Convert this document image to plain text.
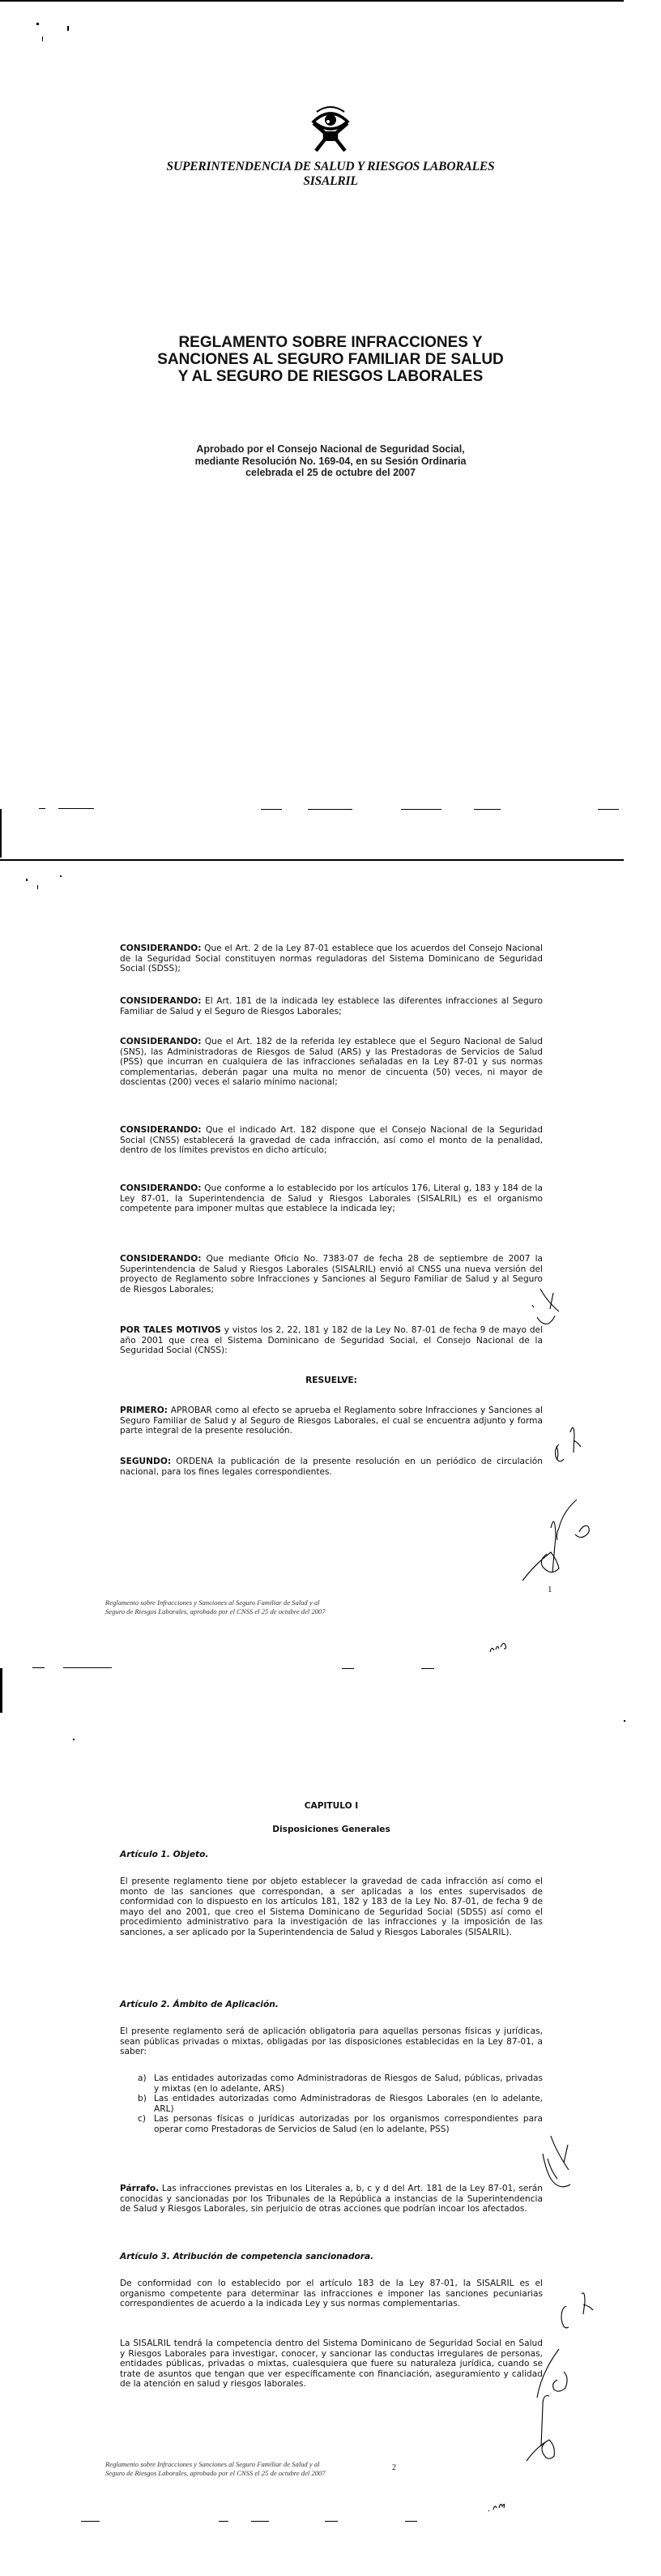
SUPERINTENDENCIA DE SALUD Y RIESGOS LABORALES
SISALRIL
REGLAMENTO SOBRE INFRACCIONES Y
SANCIONES AL SEGURO FAMILIAR DE SALUD
Y AL SEGURO DE RIESGOS LABORALES
Aprobado por el Consejo Nacional de Seguridad Social,
mediante Resolución No. 169-04, en su Sesión Ordinaria
celebrada el 25 de octubre del 2007
CONSIDERANDO: Que el Art. 2 de la Ley 87-01 establece que los acuerdos del Consejo Nacional de la Seguridad Social constituyen normas reguladoras del Sistema Dominicano de Seguridad Social (SDSS);
CONSIDERANDO: El Art. 181 de la indicada ley establece las diferentes infracciones al Seguro Familiar de Salud y el Seguro de Riesgos Laborales;
CONSIDERANDO: Que el Art. 182 de la referida ley establece que el Seguro Nacional de Salud (SNS), las Administradoras de Riesgos de Salud (ARS) y las Prestadoras de Servicios de Salud (PSS) que incurran en cualquiera de las infracciones señaladas en la Ley 87-01 y sus normas complementarias, deberán pagar una multa no menor de cincuenta (50) veces, ni mayor de doscientas (200) veces el salario mínimo nacional;
CONSIDERANDO: Que el indicado Art. 182 dispone que el Consejo Nacional de la Seguridad Social (CNSS) establecerá la gravedad de cada infracción, así como el monto de la penalidad, dentro de los límites previstos en dicho artículo;
CONSIDERANDO: Que conforme a lo establecido por los artículos 176, Literal g, 183 y 184 de la Ley 87-01, la Superintendencia de Salud y Riesgos Laborales (SISALRIL) es el organismo competente para imponer multas que establece la indicada ley;
CONSIDERANDO: Que mediante Oficio No. 7383-07 de fecha 28 de septiembre de 2007 la Superintendencia de Salud y Riesgos Laborales (SISALRIL) envió al CNSS una nueva versión del proyecto de Reglamento sobre Infracciones y Sanciones al Seguro Familiar de Salud y al Seguro de Riesgos Laborales;
POR TALES MOTIVOS y vistos los 2, 22, 181 y 182 de la Ley No. 87-01 de fecha 9 de mayo del año 2001 que crea el Sistema Dominicano de Seguridad Social, el Consejo Nacional de la Seguridad Social (CNSS):
RESUELVE:
PRIMERO: APROBAR como al efecto se aprueba el Reglamento sobre Infracciones y Sanciones al Seguro Familiar de Salud y al Seguro de Riesgos Laborales, el cual se encuentra adjunto y forma parte integral de la presente resolución.
SEGUNDO: ORDENA la publicación de la presente resolución en un periódico de circulación nacional, para los fines legales correspondientes.
Reglamento sobre Infracciones y Sanciones al Seguro Familiar de Salud y al
Seguro de Riesgos Laborales, aprobado por el CNSS el 25 de octubre del 2007
1
CAPITULO I
Disposiciones Generales
Artículo 1. Objeto.
El presente reglamento tiene por objeto establecer la gravedad de cada infracción así como el monto de las sanciones que correspondan, a ser aplicadas a los entes supervisados de conformidad con lo dispuesto en los artículos 181, 182 y 183 de la Ley No. 87-01, de fecha 9 de mayo del ano 2001, que creo el Sistema Dominicano de Seguridad Social (SDSS) así como el procedimiento administrativo para la investigación de las infracciones y la imposición de las sanciones, a ser aplicado por la Superintendencia de Salud y Riesgos Laborales (SISALRIL).
Artículo 2. Ámbito de Aplicación.
El presente reglamento será de aplicación obligatoria para aquellas personas físicas y jurídicas, sean públicas privadas o mixtas, obligadas por las disposiciones establecidas en la Ley 87-01, a saber:
a) Las entidades autorizadas como Administradoras de Riesgos de Salud, públicas, privadas y mixtas (en lo adelante, ARS)
b) Las entidades autorizadas como Administradoras de Riesgos Laborales (en lo adelante, ARL)
c) Las personas físicas o jurídicas autorizadas por los organismos correspondientes para operar como Prestadoras de Servicios de Salud (en lo adelante, PSS)
Párrafo. Las infracciones previstas en los Literales a, b, c y d del Art. 181 de la Ley 87-01, serán conocidas y sancionadas por los Tribunales de la República a instancias de la Superintendencia de Salud y Riesgos Laborales, sin perjuicio de otras acciones que podrían incoar los afectados.
Artículo 3. Atribución de competencia sancionadora.
De conformidad con lo establecido por el artículo 183 de la Ley 87-01, la SISALRIL es el organismo competente para determinar las infracciones e imponer las sanciones pecuniarias correspondientes de acuerdo a la indicada Ley y sus normas complementarias.
La SISALRIL tendrá la competencia dentro del Sistema Dominicano de Seguridad Social en Salud y Riesgos Laborales para investigar, conocer, y sancionar las conductas irregulares de personas, entidades públicas, privadas o mixtas, cualesquiera que fuere su naturaleza jurídica, cuando se trate de asuntos que tengan que ver específicamente con financiación, aseguramiento y calidad de la atención en salud y riesgos laborales.
Reglamento sobre Infracciones y Sanciones al Seguro Familiar de Salud y al
Seguro de Riesgos Laborales, aprobado por el CNSS el 25 de octubre del 2007
2
